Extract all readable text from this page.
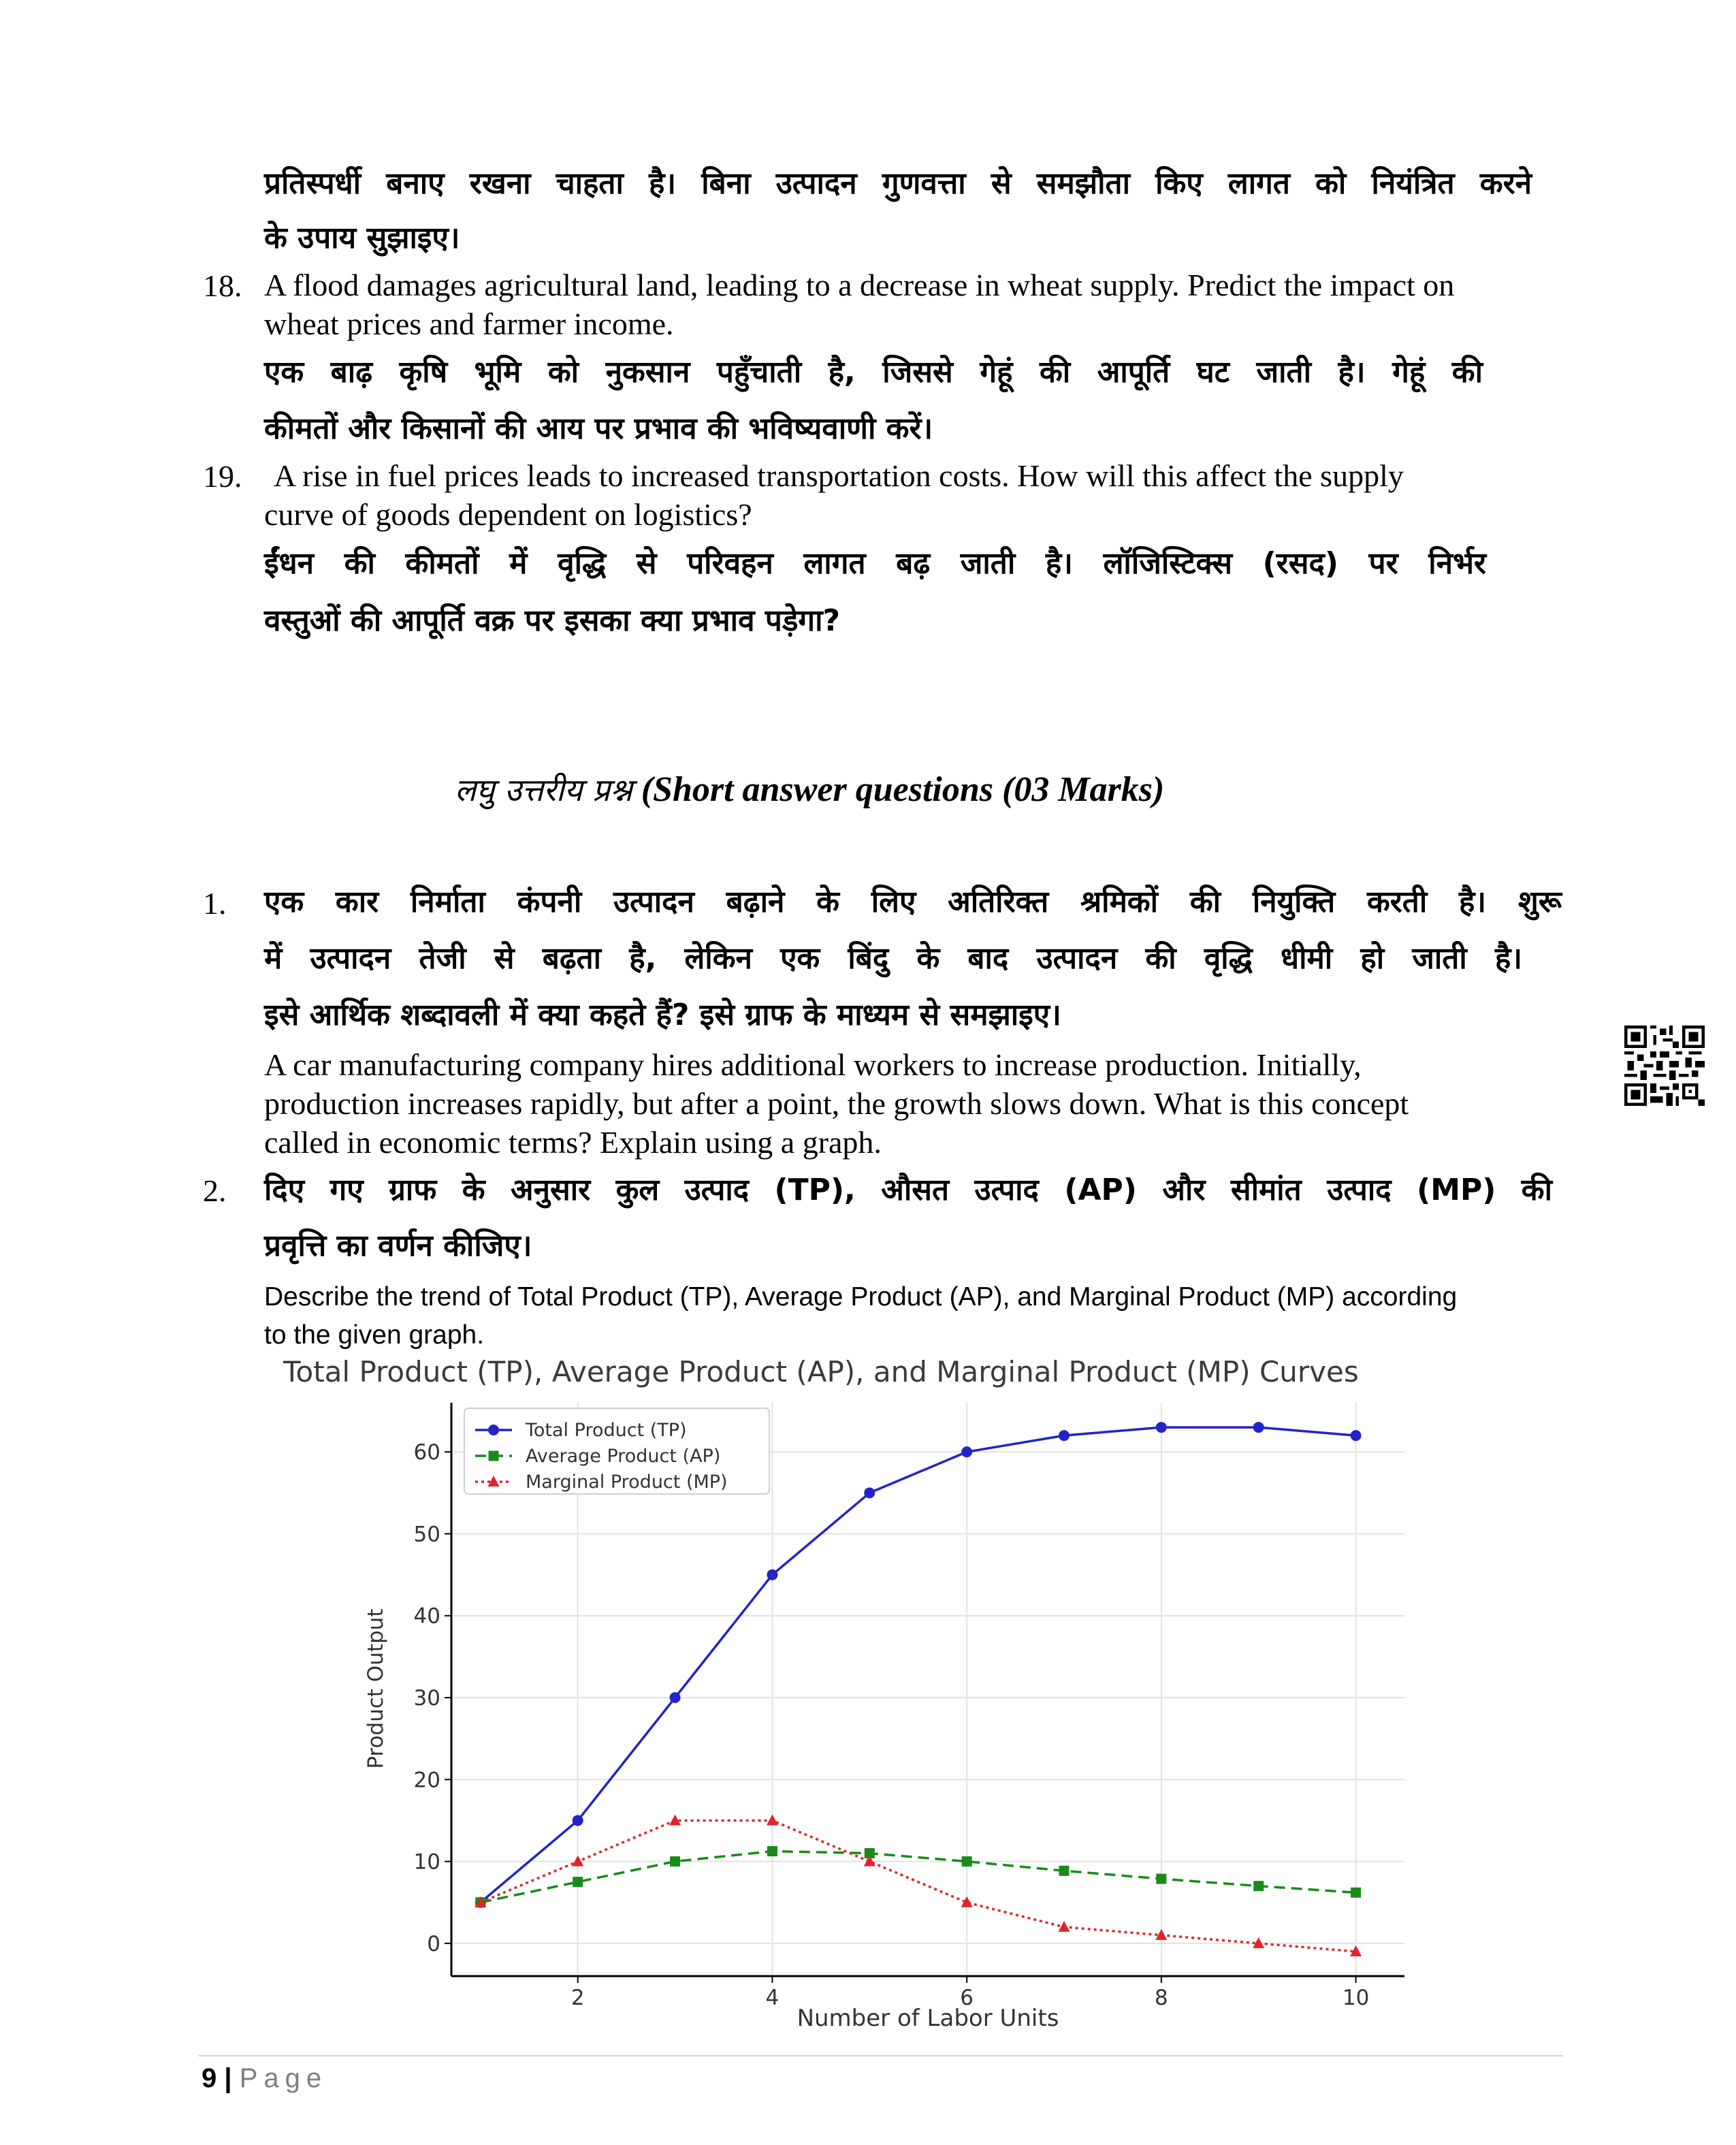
प्रतिस्पर्धी बनाए रखना चाहता है। बिना उत्पादन गुणवत्ता से समझौता किए लागत को नियंत्रित करने
के उपाय सुझाइए।
18. A flood damages agricultural land, leading to a decrease in wheat supply. Predict the impact on
wheat prices and farmer income.
एक बाढ़ कृषि भूमि को नुकसान पहुँचाती है, जिससे गेहूं की आपूर्ति घट जाती है। गेहूं की
कीमतों और किसानों की आय पर प्रभाव की भविष्यवाणी करें।
19. A rise in fuel prices leads to increased transportation costs. How will this affect the supply
curve of goods dependent on logistics?
ईंधन की कीमतों में वृद्धि से परिवहन लागत बढ़ जाती है। लॉजिस्टिक्स (रसद) पर निर्भर
वस्तुओं की आपूर्ति वक्र पर इसका क्या प्रभाव पड़ेगा?
लघु उत्तरीय प्रश्न (Short answer questions (03 Marks)
1. एक कार निर्माता कंपनी उत्पादन बढ़ाने के लिए अतिरिक्त श्रमिकों की नियुक्ति करती है। शुरू
में उत्पादन तेजी से बढ़ता है, लेकिन एक बिंदु के बाद उत्पादन की वृद्धि धीमी हो जाती है।
इसे आर्थिक शब्दावली में क्या कहते हैं? इसे ग्राफ के माध्यम से समझाइए।
A car manufacturing company hires additional workers to increase production. Initially,
production increases rapidly, but after a point, the growth slows down. What is this concept
called in economic terms? Explain using a graph.
2. दिए गए ग्राफ के अनुसार कुल उत्पाद (TP), औसत उत्पाद (AP) और सीमांत उत्पाद (MP) की
प्रवृत्ति का वर्णन कीजिए।
Describe the trend of Total Product (TP), Average Product (AP), and Marginal Product (MP) according
to the given graph.
Total Product (TP), Average Product (AP), and Marginal Product (MP) Curves
0
10
20
30
40
50
60
2	4	6	8	10
Total Product (TP)
Average Product (AP)
Marginal Product (MP)
Number of Labor Units
Product Output
9 | Page
